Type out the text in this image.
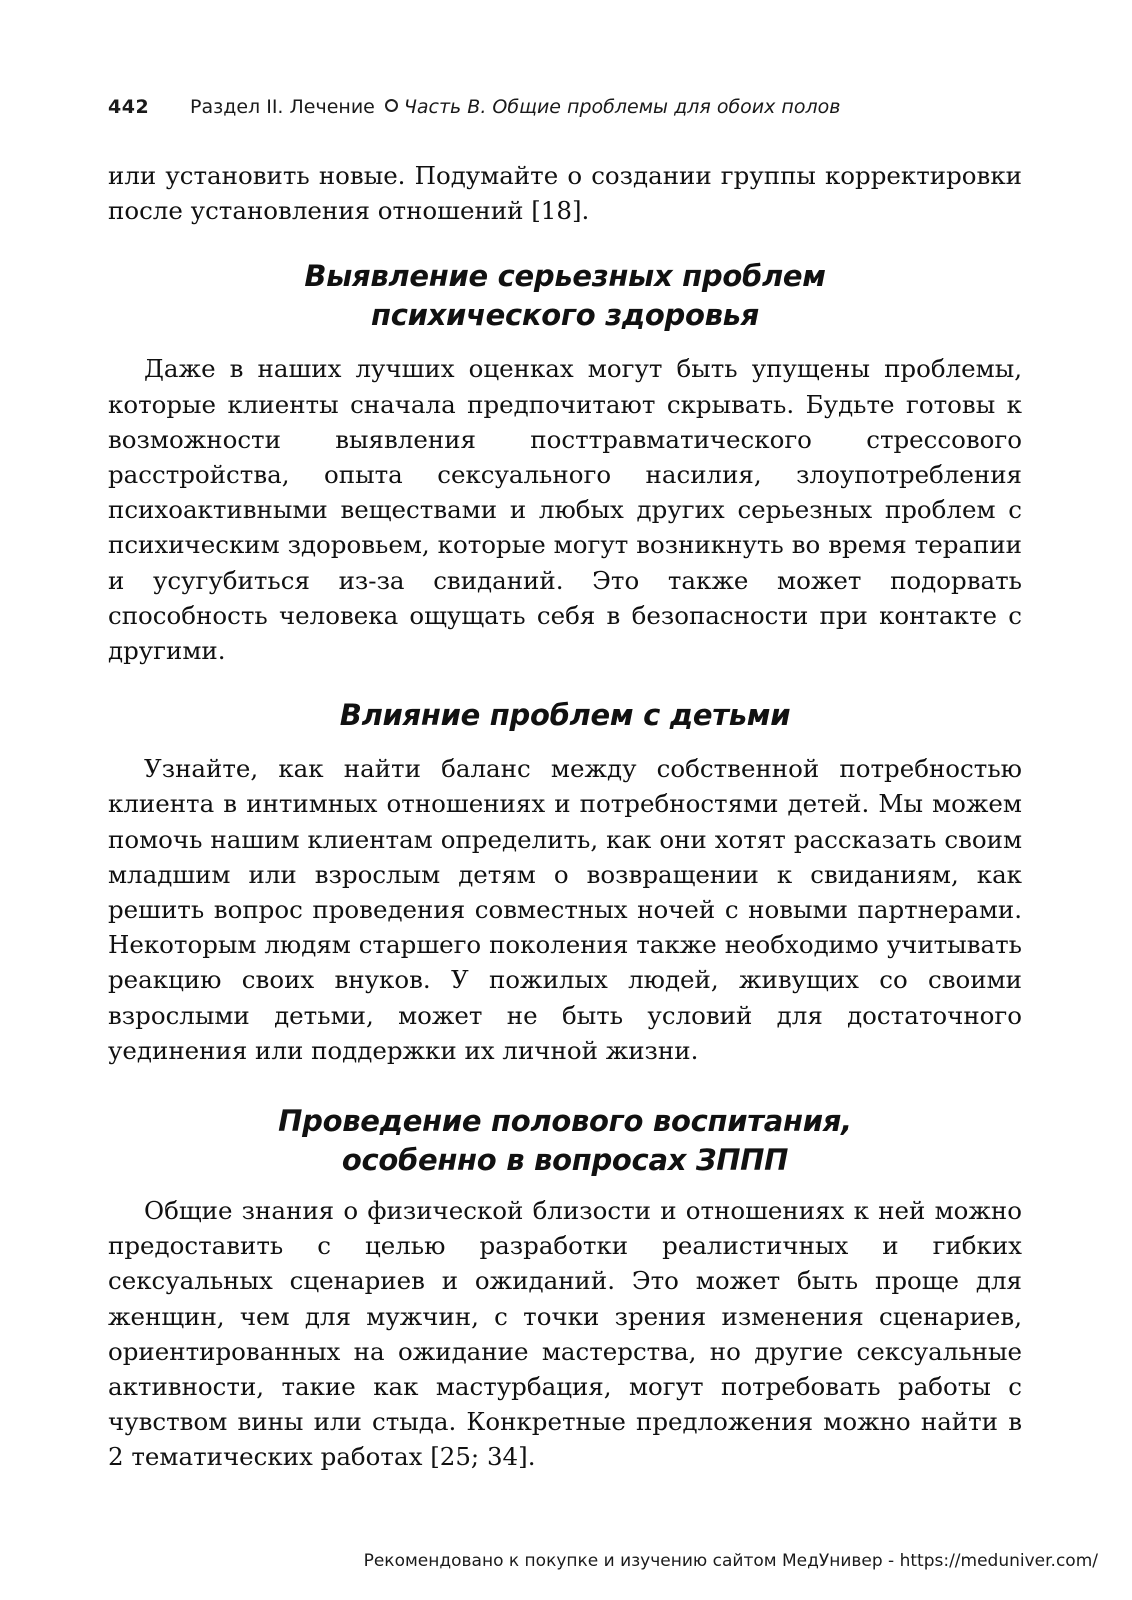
442	Раздел II. Лечение Часть B. Общие проблемы для обоих полов

или установить новые. Подумайте о создании группы корректировки после установления отношений [18].

Выявление серьезных проблем
психического здоровья

Даже в наших лучших оценках могут быть упущены проблемы, которые клиенты сначала предпочитают скрывать. Будьте готовы к возможности выявления посттравматического стрессового расстройства, опыта сексуального насилия, злоупотребления психоактивными веществами и любых других серьезных проблем с психическим здоровьем, которые могут возникнуть во время терапии и усугубиться из-за свиданий. Это также может подорвать способность человека ощущать себя в безопасности при контакте с другими.

Влияние проблем с детьми

Узнайте, как найти баланс между собственной потребностью клиента в интимных отношениях и потребностями детей. Мы можем помочь нашим клиентам определить, как они хотят рассказать своим младшим или взрослым детям о возвращении к свиданиям, как решить вопрос проведения совместных ночей с новыми партнерами. Некоторым людям старшего поколения также необходимо учитывать реакцию своих внуков. У пожилых людей, живущих со своими взрослыми детьми, может не быть условий для достаточного уединения или поддержки их личной жизни.

Проведение полового воспитания,
особенно в вопросах ЗППП

Общие знания о физической близости и отношениях к ней можно предоставить с целью разработки реалистичных и гибких сексуальных сценариев и ожиданий. Это может быть проще для женщин, чем для мужчин, с точки зрения изменения сценариев, ориентированных на ожидание мастерства, но другие сексуальные активности, такие как мастурбация, могут потребовать работы с чувством вины или стыда. Конкретные предложения можно найти в 2 тематических работах [25; 34].

Рекомендовано к покупке и изучению сайтом МедУнивер - https://meduniver.com/
